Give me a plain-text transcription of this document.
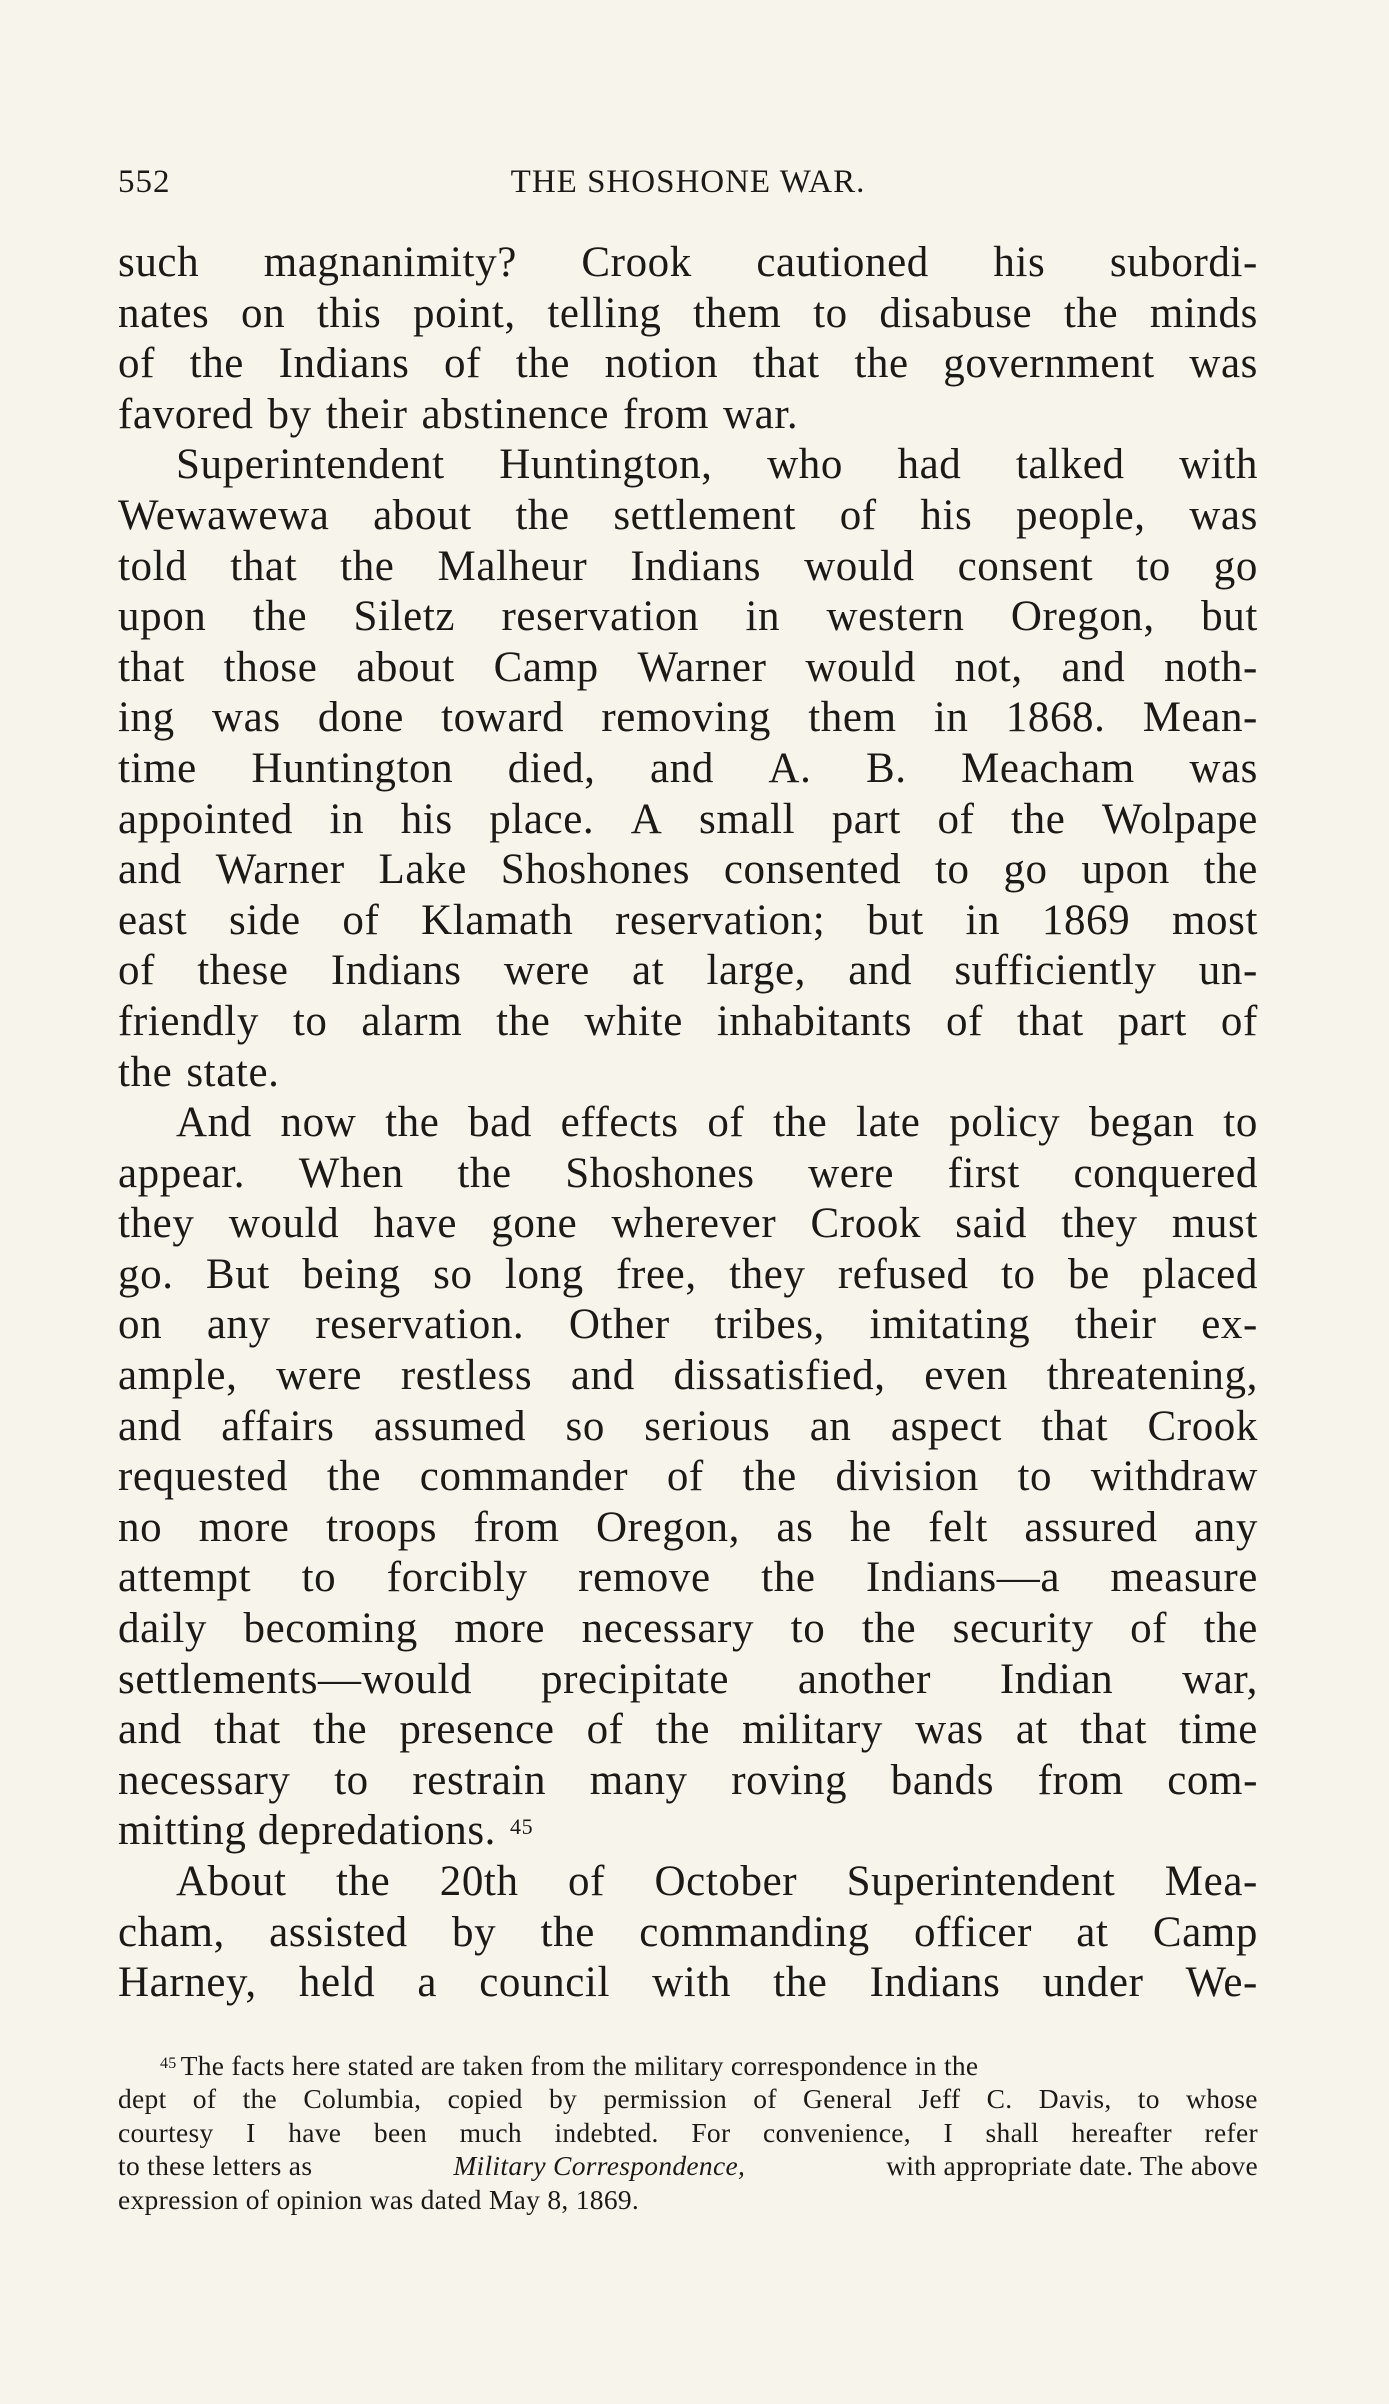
552	THE SHOSHONE WAR.
such magnanimity? Crook cautioned his subordi-
nates on this point, telling them to disabuse the minds
of the Indians of the notion that the government was
favored by their abstinence from war.
Superintendent Huntington, who had talked with
Wewawewa about the settlement of his people, was
told that the Malheur Indians would consent to go
upon the Siletz reservation in western Oregon, but
that those about Camp Warner would not, and noth-
ing was done toward removing them in 1868. Mean-
time Huntington died, and A. B. Meacham was
appointed in his place. A small part of the Wolpape
and Warner Lake Shoshones consented to go upon the
east side of Klamath reservation; but in 1869 most
of these Indians were at large, and sufficiently un-
friendly to alarm the white inhabitants of that part of
the state.
And now the bad effects of the late policy began to
appear. When the Shoshones were first conquered
they would have gone wherever Crook said they must
go. But being so long free, they refused to be placed
on any reservation. Other tribes, imitating their ex-
ample, were restless and dissatisfied, even threatening,
and affairs assumed so serious an aspect that Crook
requested the commander of the division to withdraw
no more troops from Oregon, as he felt assured any
attempt to forcibly remove the Indians—a measure
daily becoming more necessary to the security of the
settlements—would precipitate another Indian war,
and that the presence of the military was at that time
necessary to restrain many roving bands from com-
mitting depredations. $^{45}$
About the 20th of October Superintendent Mea-
cham, assisted by the commanding officer at Camp
Harney, held a council with the Indians under We-
$^{45}$ The facts here stated are taken from the military correspondence in the
dept of the Columbia, copied by permission of General Jeff C. Davis, to whose
courtesy I have been much indebted. For convenience, I shall hereafter refer
to these letters as	Military Correspondence,	with appropriate date. The above
expression of opinion was dated May 8, 1869.
